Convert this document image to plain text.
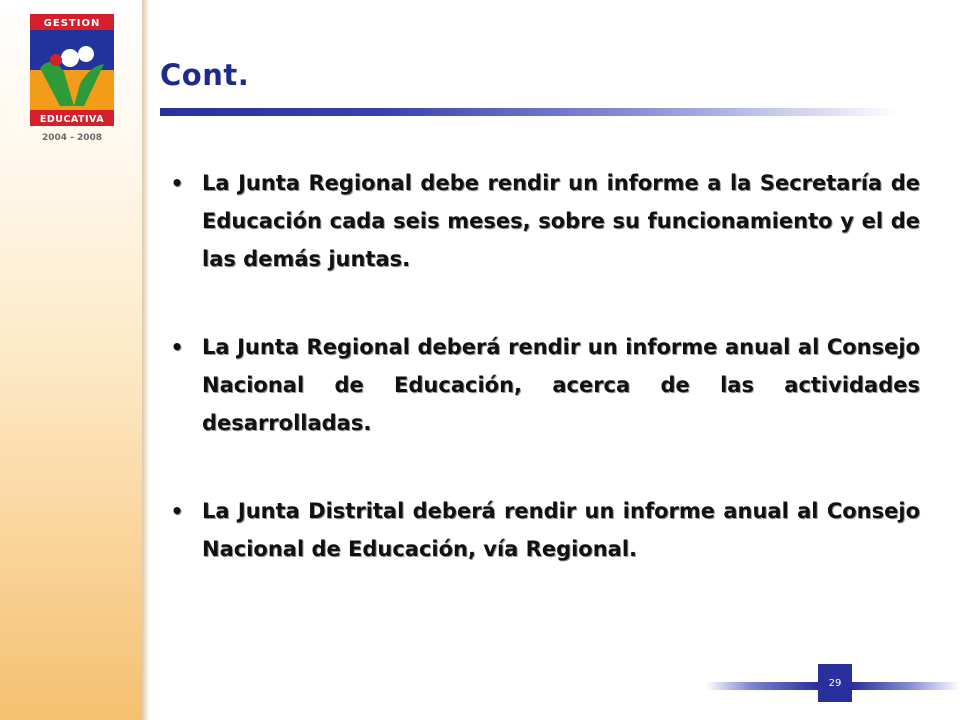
GESTION
EDUCATIVA
2004 - 2008
Cont.

• La Junta Regional debe rendir un informe a la Secretaría de Educación cada seis meses, sobre su funcionamiento y el de las demás juntas.

• La Junta Regional deberá rendir un informe anual al Consejo Nacional de Educación, acerca de las actividades desarrolladas.

• La Junta Distrital deberá rendir un informe anual al Consejo Nacional de Educación, vía Regional.

29
